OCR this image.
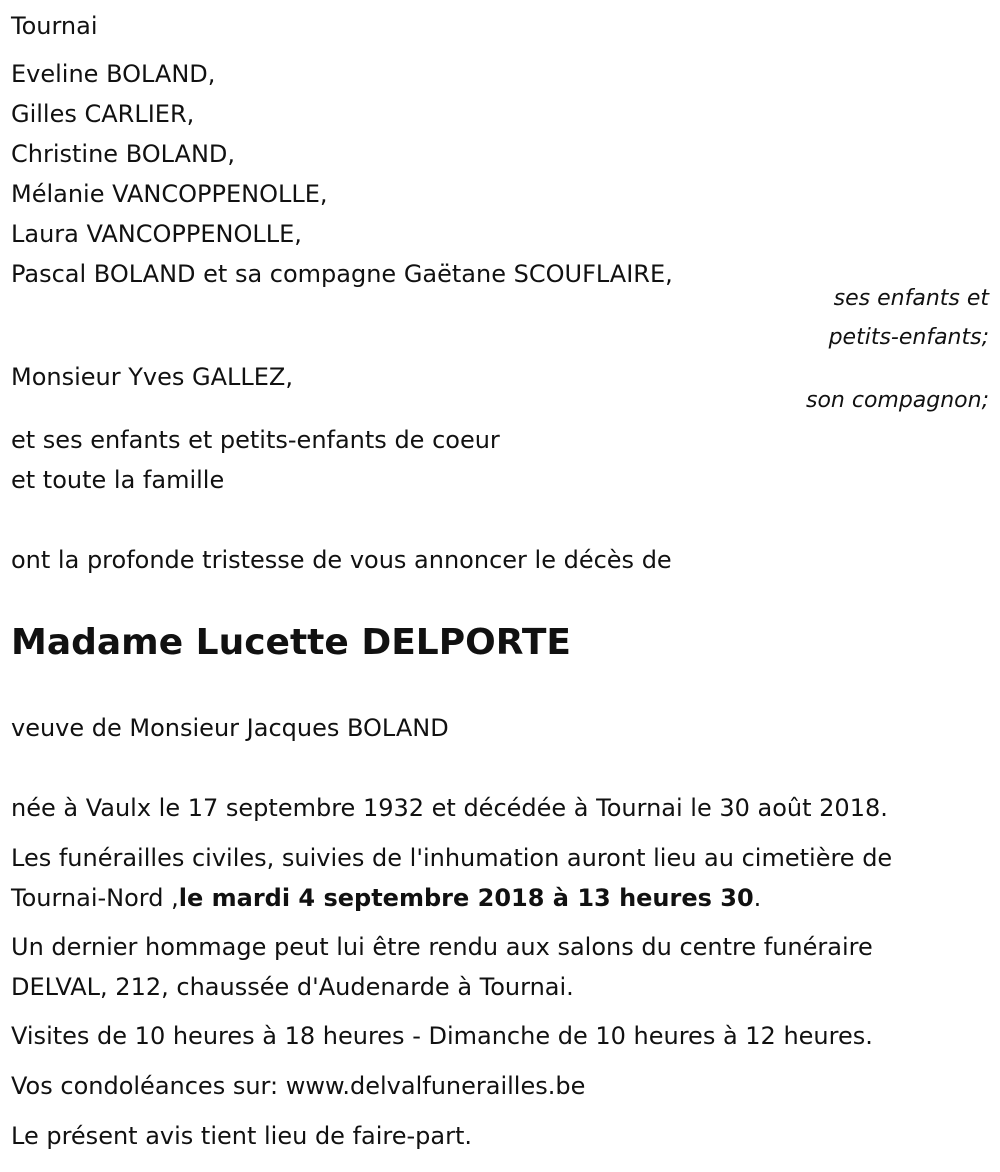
Tournai
Eveline BOLAND,
Gilles CARLIER,
Christine BOLAND,
Mélanie VANCOPPENOLLE,
Laura VANCOPPENOLLE,
Pascal BOLAND et sa compagne Gaëtane SCOUFLAIRE,
ses enfants et
petits-enfants;
Monsieur Yves GALLEZ,
son compagnon;
et ses enfants et petits-enfants de coeur
et toute la famille
ont la profonde tristesse de vous annoncer le décès de
Madame Lucette DELPORTE
veuve de Monsieur Jacques BOLAND
née à Vaulx le 17 septembre 1932 et décédée à Tournai le 30 août 2018.
Les funérailles civiles, suivies de l'inhumation auront lieu au cimetière de
Tournai-Nord ,le mardi 4 septembre 2018 à 13 heures 30.
Un dernier hommage peut lui être rendu aux salons du centre funéraire
DELVAL, 212, chaussée d'Audenarde à Tournai.
Visites de 10 heures à 18 heures - Dimanche de 10 heures à 12 heures.
Vos condoléances sur: www.delvalfunerailles.be
Le présent avis tient lieu de faire-part.
